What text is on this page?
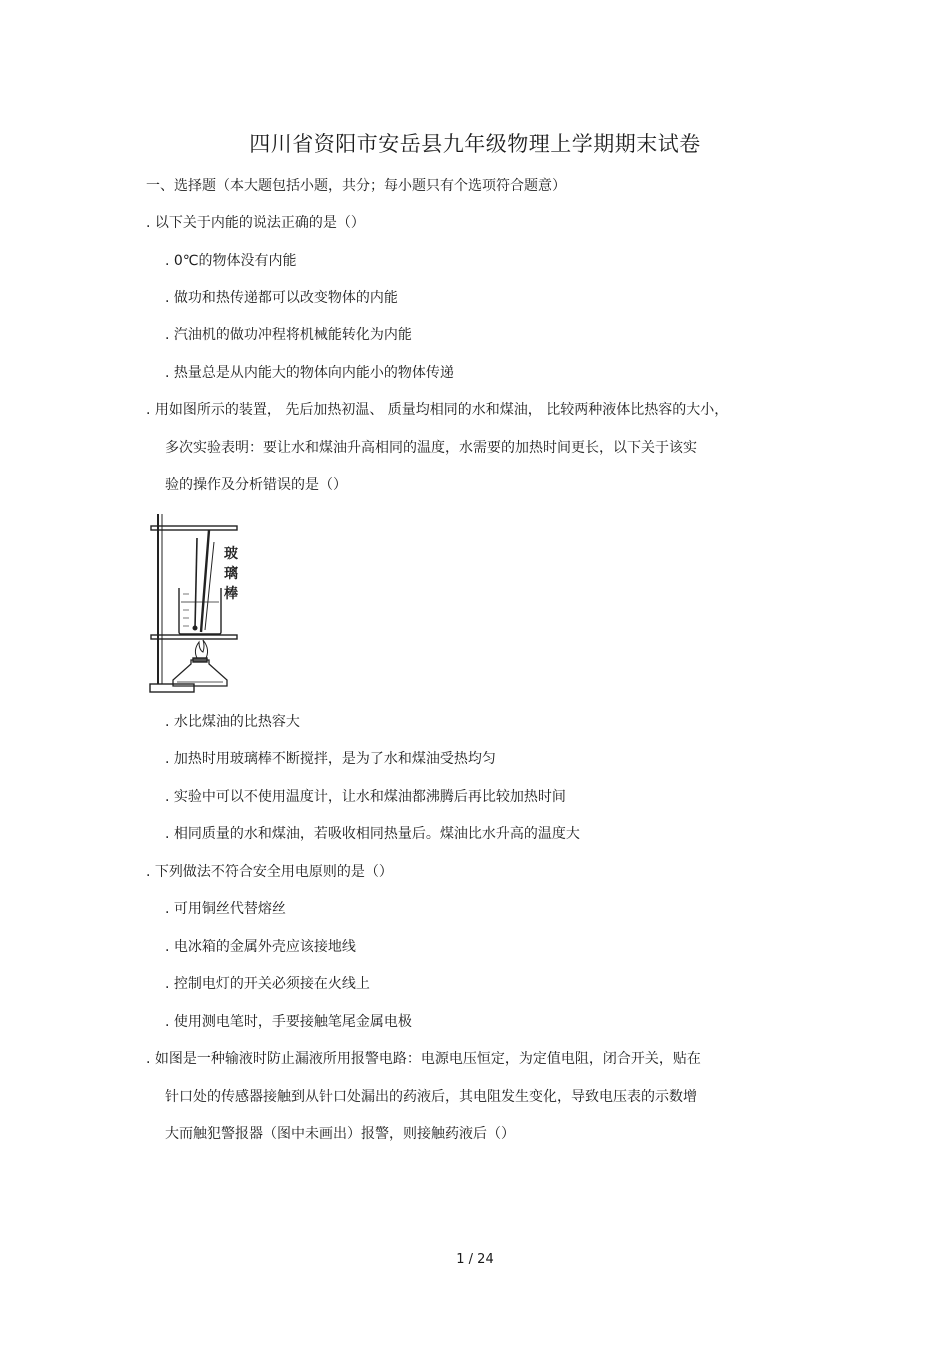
四川省资阳市安岳县九年级物理上学期期末试卷
一、选择题（本大题包括小题，共分；每小题只有个选项符合题意）
. 以下关于内能的说法正确的是（）
. 0℃的物体没有内能
. 做功和热传递都可以改变物体的内能
. 汽油机的做功冲程将机械能转化为内能
. 热量总是从内能大的物体向内能小的物体传递
. 用如图所示的装置， 先后加热初温、 质量均相同的水和煤油， 比较两种液体比热容的大小，
多次实验表明：要让水和煤油升高相同的温度，水需要的加热时间更长，以下关于该实
验的操作及分析错误的是（）
玻
璃
棒
. 水比煤油的比热容大
. 加热时用玻璃棒不断搅拌，是为了水和煤油受热均匀
. 实验中可以不使用温度计，让水和煤油都沸腾后再比较加热时间
. 相同质量的水和煤油，若吸收相同热量后。煤油比水升高的温度大
. 下列做法不符合安全用电原则的是（）
. 可用铜丝代替熔丝
. 电冰箱的金属外壳应该接地线
. 控制电灯的开关必须接在火线上
. 使用测电笔时，手要接触笔尾金属电极
. 如图是一种输液时防止漏液所用报警电路：电源电压恒定，为定值电阻，闭合开关，贴在
针口处的传感器接触到从针口处漏出的药液后，其电阻发生变化，导致电压表的示数增
大而触犯警报器（图中未画出）报警，则接触药液后（）
1 / 24
